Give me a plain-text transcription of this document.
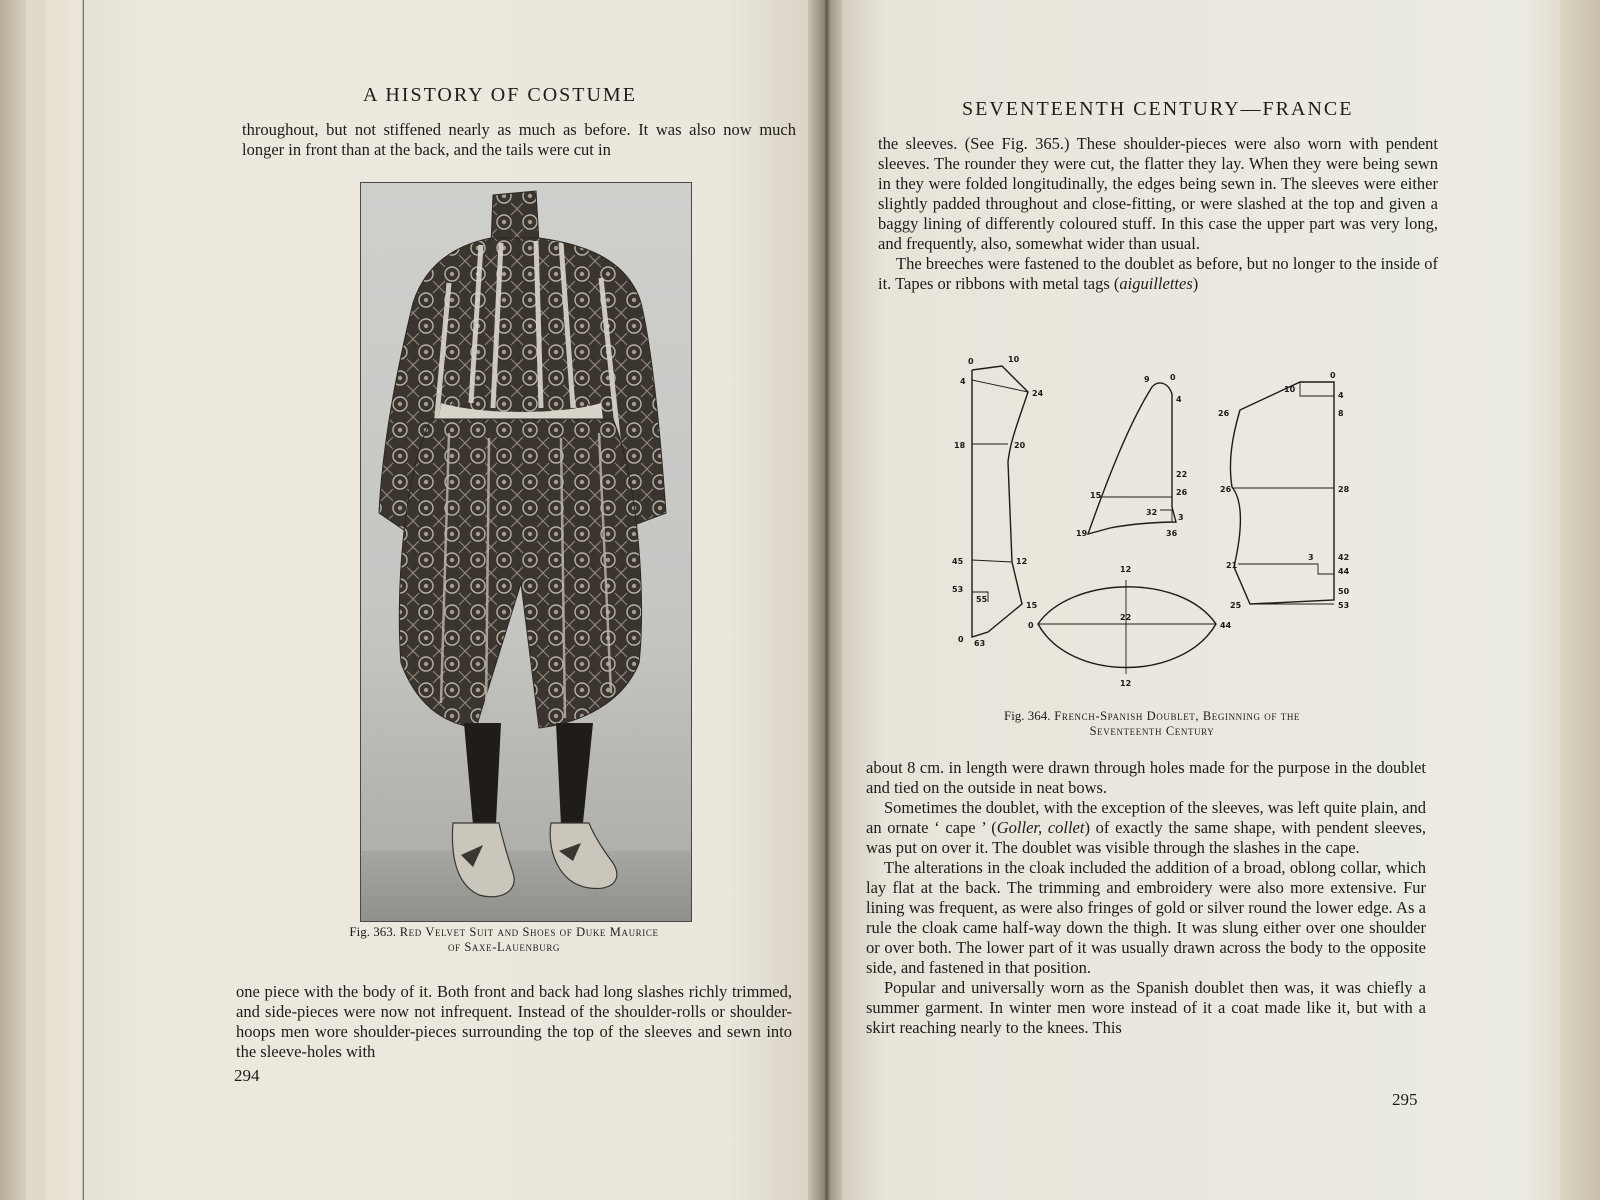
A HISTORY OF COSTUME

throughout, but not stiffened nearly as much as before. It was also now much longer in front than at the back, and the tails were cut in

Fig. 363. Red Velvet Suit and Shoes of Duke Maurice
of Saxe-Lauenburg

one piece with the body of it. Both front and back had long slashes richly trimmed, and side-pieces were now not infrequent. Instead of the shoulder-rolls or shoulder-hoops men wore shoulder-pieces surrounding the top of the sleeves and sewn into the sleeve-holes with

294
SEVENTEENTH CENTURY—FRANCE

the sleeves. (See Fig. 365.) These shoulder-pieces were also worn with pendent sleeves. The rounder they were cut, the flatter they lay. When they were being sewn in they were folded longitudinally, the edges being sewn in. The sleeves were either slightly padded throughout and close-fitting, or were slashed at the top and given a baggy lining of differently coloured stuff. In this case the upper part was very long, and frequently, also, somewhat wider than usual.

The breeches were fastened to the doublet as before, but no longer to the inside of it. Tapes or ribbons with metal tags (aiguillettes)

0	10
4
24
18	20
45	12
53
55
15
0 63
9	0
4
22
26
15
32
3
19	36
10
0
4
8
26
26	28
3	42
21
44
50
53
25
12
22
0	44
12
Fig. 364. French-Spanish Doublet, Beginning of the
Seventeenth Century

about 8 cm. in length were drawn through holes made for the purpose in the doublet and tied on the outside in neat bows.

Sometimes the doublet, with the exception of the sleeves, was left quite plain, and an ornate ‘ cape ’ (Goller, collet) of exactly the same shape, with pendent sleeves, was put on over it. The doublet was visible through the slashes in the cape.

The alterations in the cloak included the addition of a broad, oblong collar, which lay flat at the back. The trimming and embroidery were also more extensive. Fur lining was frequent, as were also fringes of gold or silver round the lower edge. As a rule the cloak came half-way down the thigh. It was slung either over one shoulder or over both. The lower part of it was usually drawn across the body to the opposite side, and fastened in that position.

Popular and universally worn as the Spanish doublet then was, it was chiefly a summer garment. In winter men wore instead of it a coat made like it, but with a skirt reaching nearly to the knees. This

295
